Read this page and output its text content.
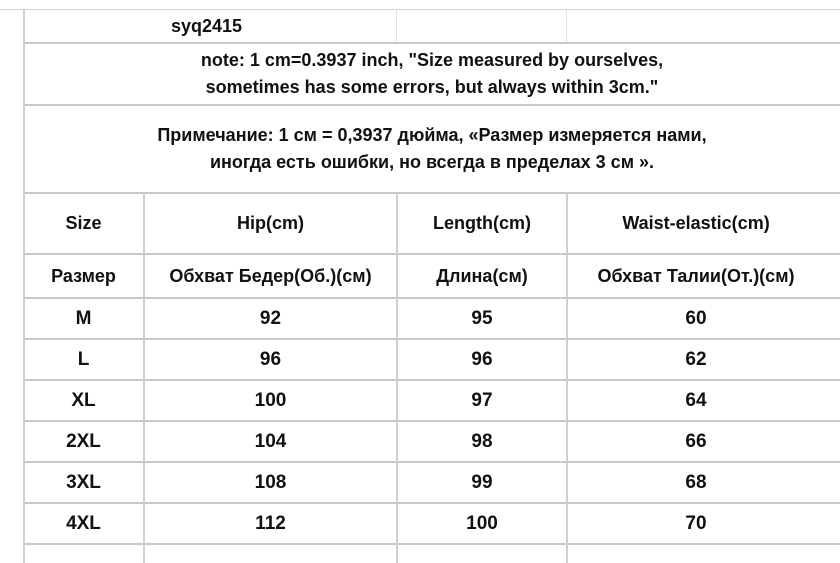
syq2415
note: 1 cm=0.3937 inch, "Size measured by ourselves,
sometimes has some errors, but always within 3cm."
Примечание: 1 см = 0,3937 дюйма, «Размер измеряется нами,
иногда есть ошибки, но всегда в пределах 3 см ».
Size	Hip(cm)	Length(cm)	Waist-elastic(cm)
Размер	Обхват Бедер(Об.)(см)	Длина(см)	Обхват Талии(От.)(см)
M	92	95	60
L	96	96	62
XL	100	97	64
2XL	104	98	66
3XL	108	99	68
4XL	112	100	70
